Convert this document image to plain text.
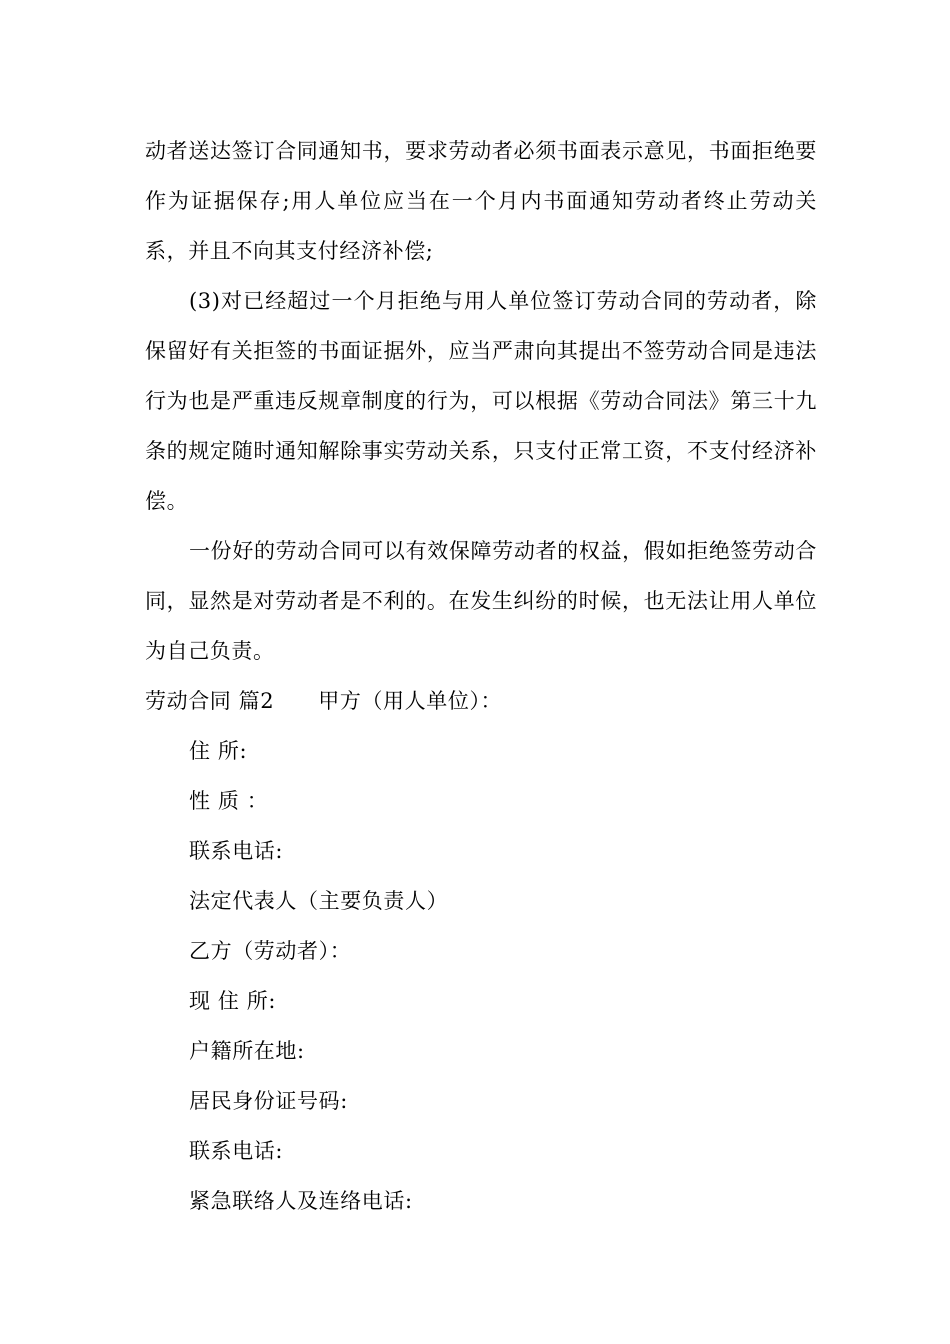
动者送达签订合同通知书，要求劳动者必须书面表示意见，书面拒绝要作为证据保存;用人单位应当在一个月内书面通知劳动者终止劳动关系，并且不向其支付经济补偿;

(3)对已经超过一个月拒绝与用人单位签订劳动合同的劳动者，除保留好有关拒签的书面证据外，应当严肃向其提出不签劳动合同是违法行为也是严重违反规章制度的行为，可以根据《劳动合同法》第三十九条的规定随时通知解除事实劳动关系，只支付正常工资，不支付经济补偿。

一份好的劳动合同可以有效保障劳动者的权益，假如拒绝签劳动合同，显然是对劳动者是不利的。在发生纠纷的时候，也无法让用人单位为自己负责。

劳动合同 篇2 甲方（用人单位）：

住 所:

性 质 ：

联系电话:

法定代表人（主要负责人）

乙方（劳动者）：

现 住 所:

户籍所在地:

居民身份证号码:

联系电话:

紧急联络人及连络电话:
